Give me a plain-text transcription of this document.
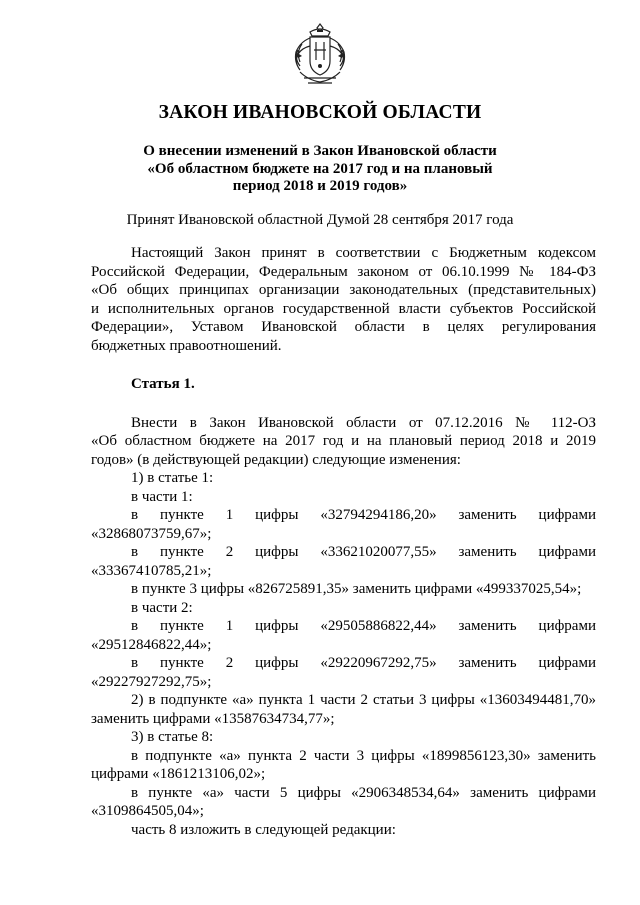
ЗАКОН ИВАНОВСКОЙ ОБЛАСТИ
О внесении изменений в Закон Ивановской области
«Об областном бюджете на 2017 год и на плановый
период 2018 и 2019 годов»
Принят Ивановской областной Думой 28 сентября 2017 года
Настоящий Закон принят в соответствии с Бюджетным кодексом
Российской Федерации, Федеральным законом от 06.10.1999 № 184-ФЗ
«Об общих принципах организации законодательных (представительных)
и исполнительных органов государственной власти субъектов Российской
Федерации», Уставом Ивановской области в целях регулирования
бюджетных правоотношений.
Статья 1.
Внести в Закон Ивановской области от 07.12.2016 № 112-ОЗ
«Об областном бюджете на 2017 год и на плановый период 2018 и 2019
годов» (в действующей редакции) следующие изменения:
1) в статье 1:
в части 1:
в пункте 1 цифры «32794294186,20» заменить цифрами
«32868073759,67»;
в пункте 2 цифры «33621020077,55» заменить цифрами
«33367410785,21»;
в пункте 3 цифры «826725891,35» заменить цифрами «499337025,54»;
в части 2:
в пункте 1 цифры «29505886822,44» заменить цифрами
«29512846822,44»;
в пункте 2 цифры «29220967292,75» заменить цифрами
«29227927292,75»;
2) в подпункте «а» пункта 1 части 2 статьи 3 цифры «13603494481,70»
заменить цифрами «13587634734,77»;
3) в статье 8:
в подпункте «а» пункта 2 части 3 цифры «1899856123,30» заменить
цифрами «1861213106,02»;
в пункте «а» части 5 цифры «2906348534,64» заменить цифрами
«3109864505,04»;
часть 8 изложить в следующей редакции:
